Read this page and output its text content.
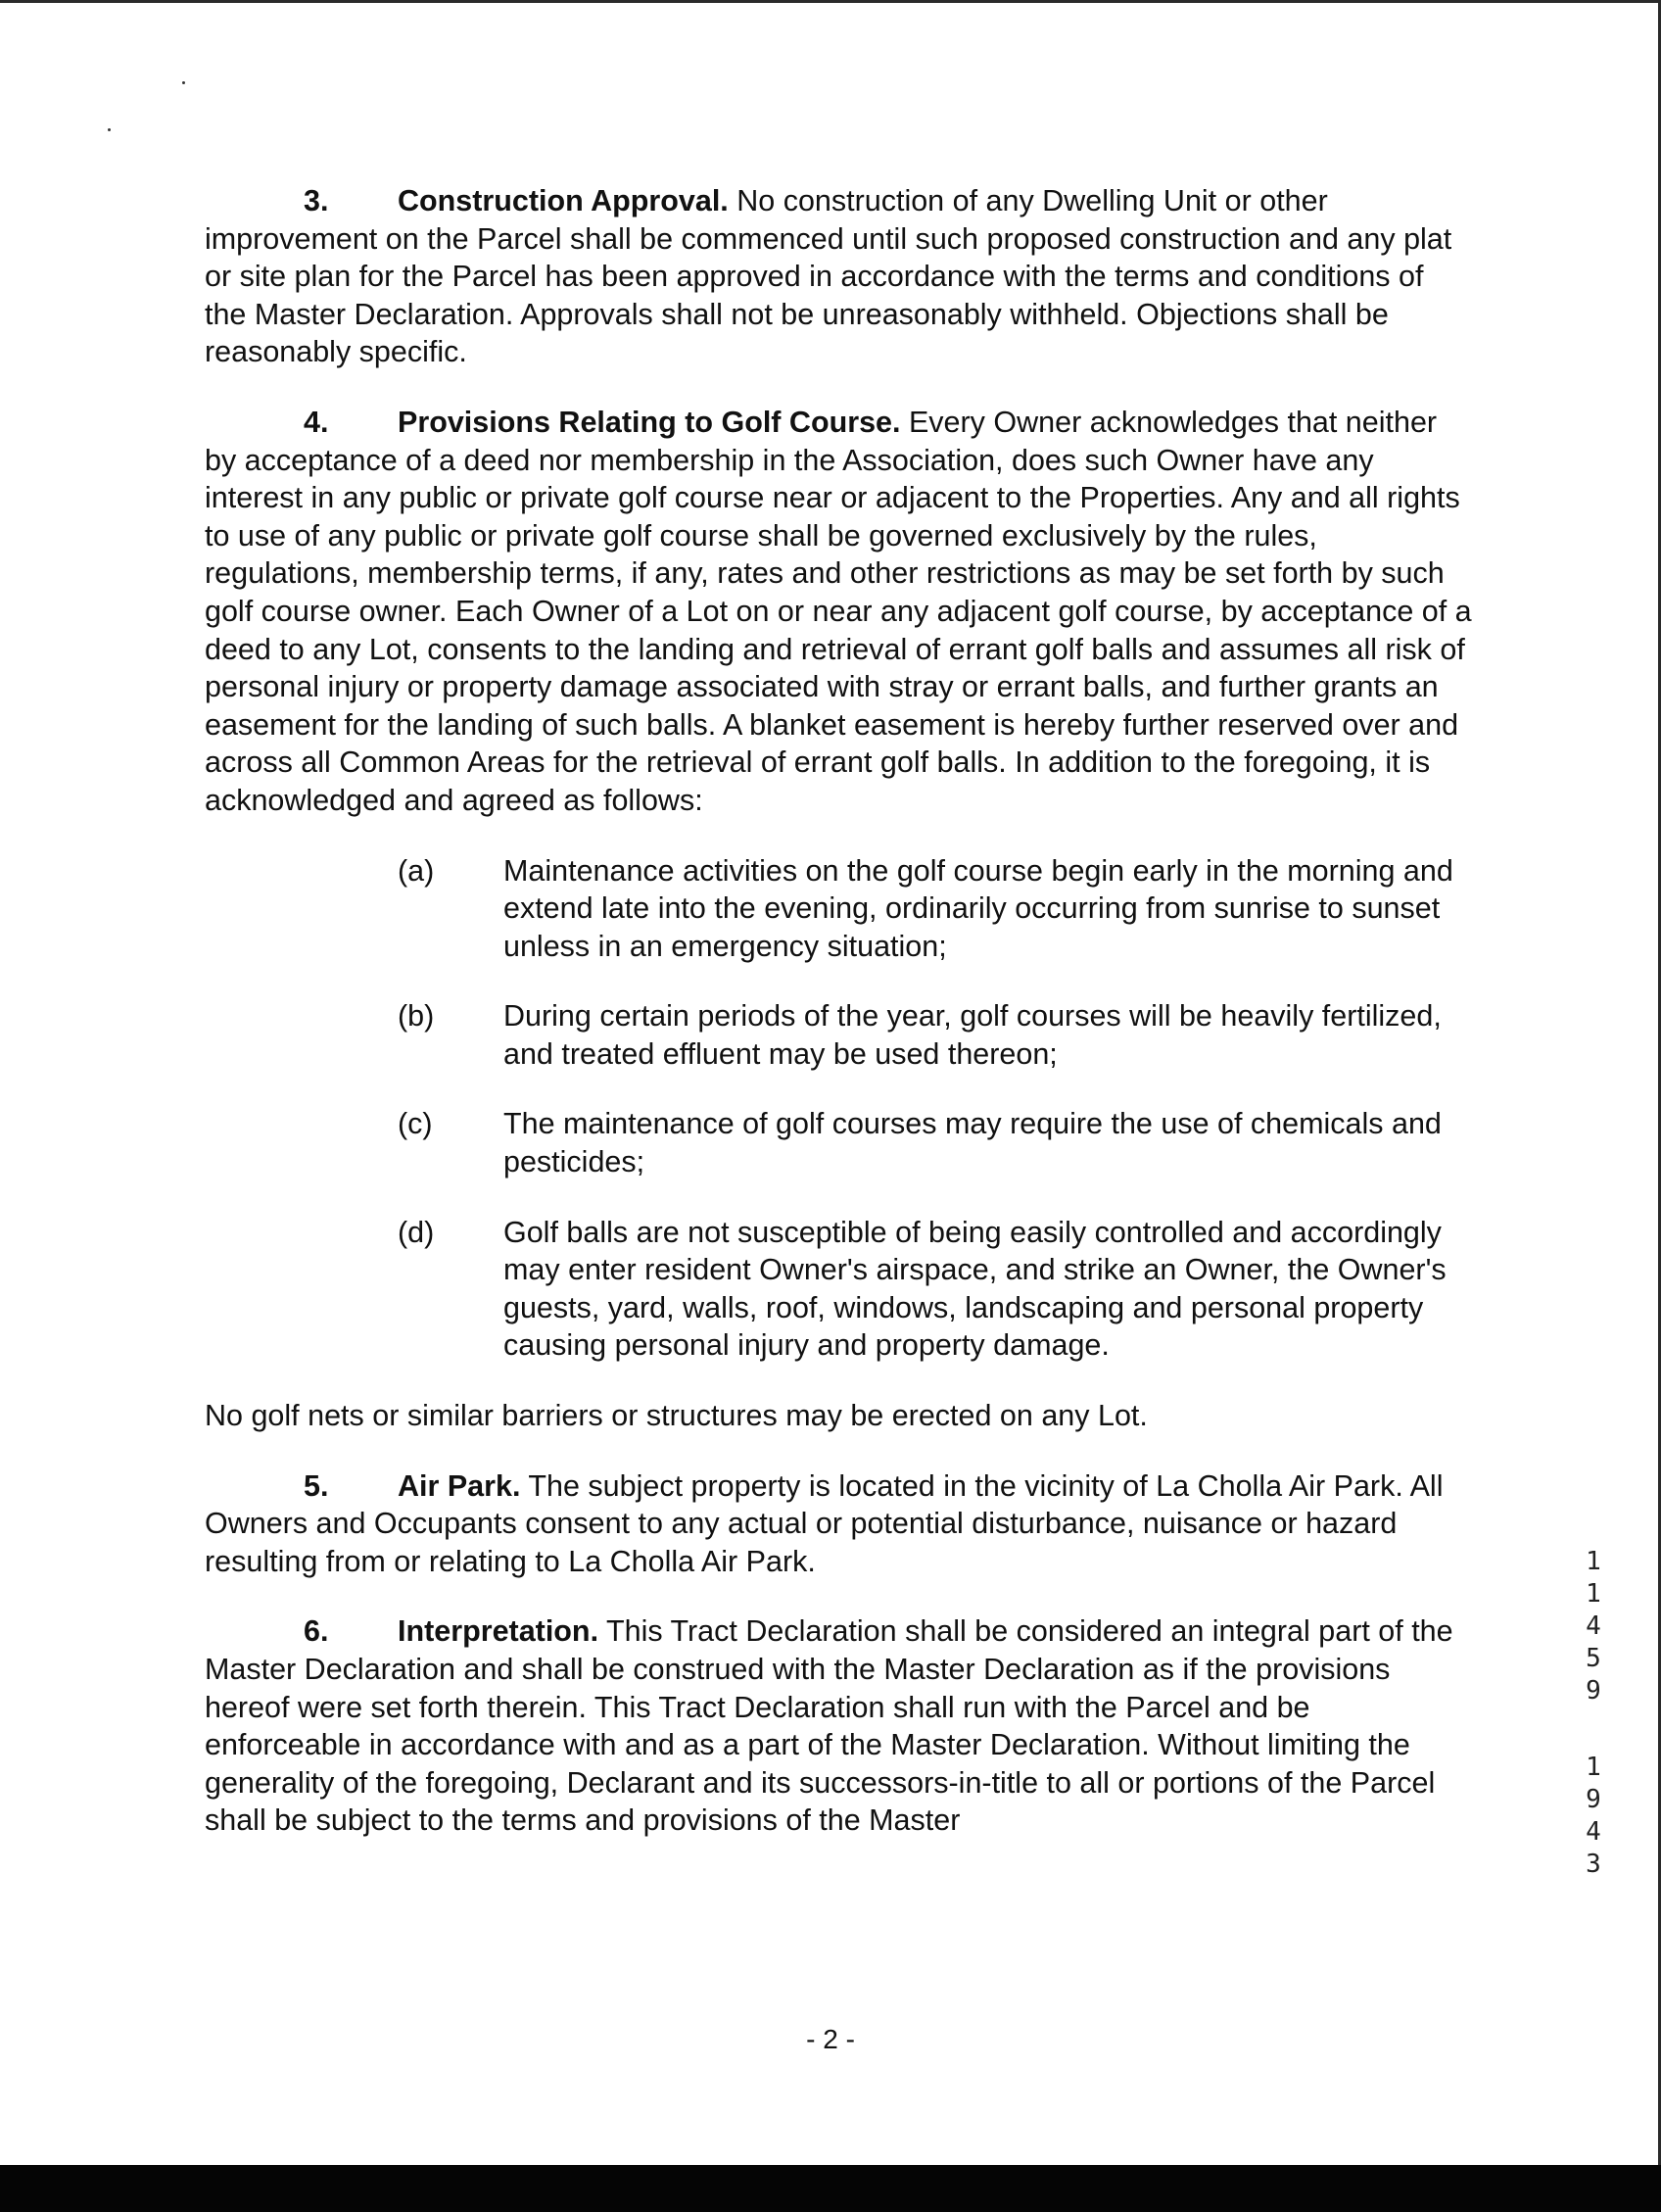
3. Construction Approval. No construction of any Dwelling Unit or other improvement on the Parcel shall be commenced until such proposed construction and any plat or site plan for the Parcel has been approved in accordance with the terms and conditions of the Master Declaration. Approvals shall not be unreasonably withheld. Objections shall be reasonably specific.

4. Provisions Relating to Golf Course. Every Owner acknowledges that neither by acceptance of a deed nor membership in the Association, does such Owner have any interest in any public or private golf course near or adjacent to the Properties. Any and all rights to use of any public or private golf course shall be governed exclusively by the rules, regulations, membership terms, if any, rates and other restrictions as may be set forth by such golf course owner. Each Owner of a Lot on or near any adjacent golf course, by acceptance of a deed to any Lot, consents to the landing and retrieval of errant golf balls and assumes all risk of personal injury or property damage associated with stray or errant balls, and further grants an easement for the landing of such balls. A blanket easement is hereby further reserved over and across all Common Areas for the retrieval of errant golf balls. In addition to the foregoing, it is acknowledged and agreed as follows:

(a)	Maintenance activities on the golf course begin early in the morning and extend late into the evening, ordinarily occurring from sunrise to sunset unless in an emergency situation;
(b)	During certain periods of the year, golf courses will be heavily fertilized, and treated effluent may be used thereon;
(c)	The maintenance of golf courses may require the use of chemicals and pesticides;
(d)	Golf balls are not susceptible of being easily controlled and accordingly may enter resident Owner's airspace, and strike an Owner, the Owner's guests, yard, walls, roof, windows, landscaping and personal property causing personal injury and property damage.

No golf nets or similar barriers or structures may be erected on any Lot.

5. Air Park. The subject property is located in the vicinity of La Cholla Air Park. All Owners and Occupants consent to any actual or potential disturbance, nuisance or hazard resulting from or relating to La Cholla Air Park.

6. Interpretation. This Tract Declaration shall be considered an integral part of the Master Declaration and shall be construed with the Master Declaration as if the provisions hereof were set forth therein. This Tract Declaration shall run with the Parcel and be enforceable in accordance with and as a part of the Master Declaration. Without limiting the generality of the foregoing, Declarant and its successors-in-title to all or portions of the Parcel shall be subject to the terms and provisions of the Master

1
1
4
5
9
1
9
4
3
- 2 -
